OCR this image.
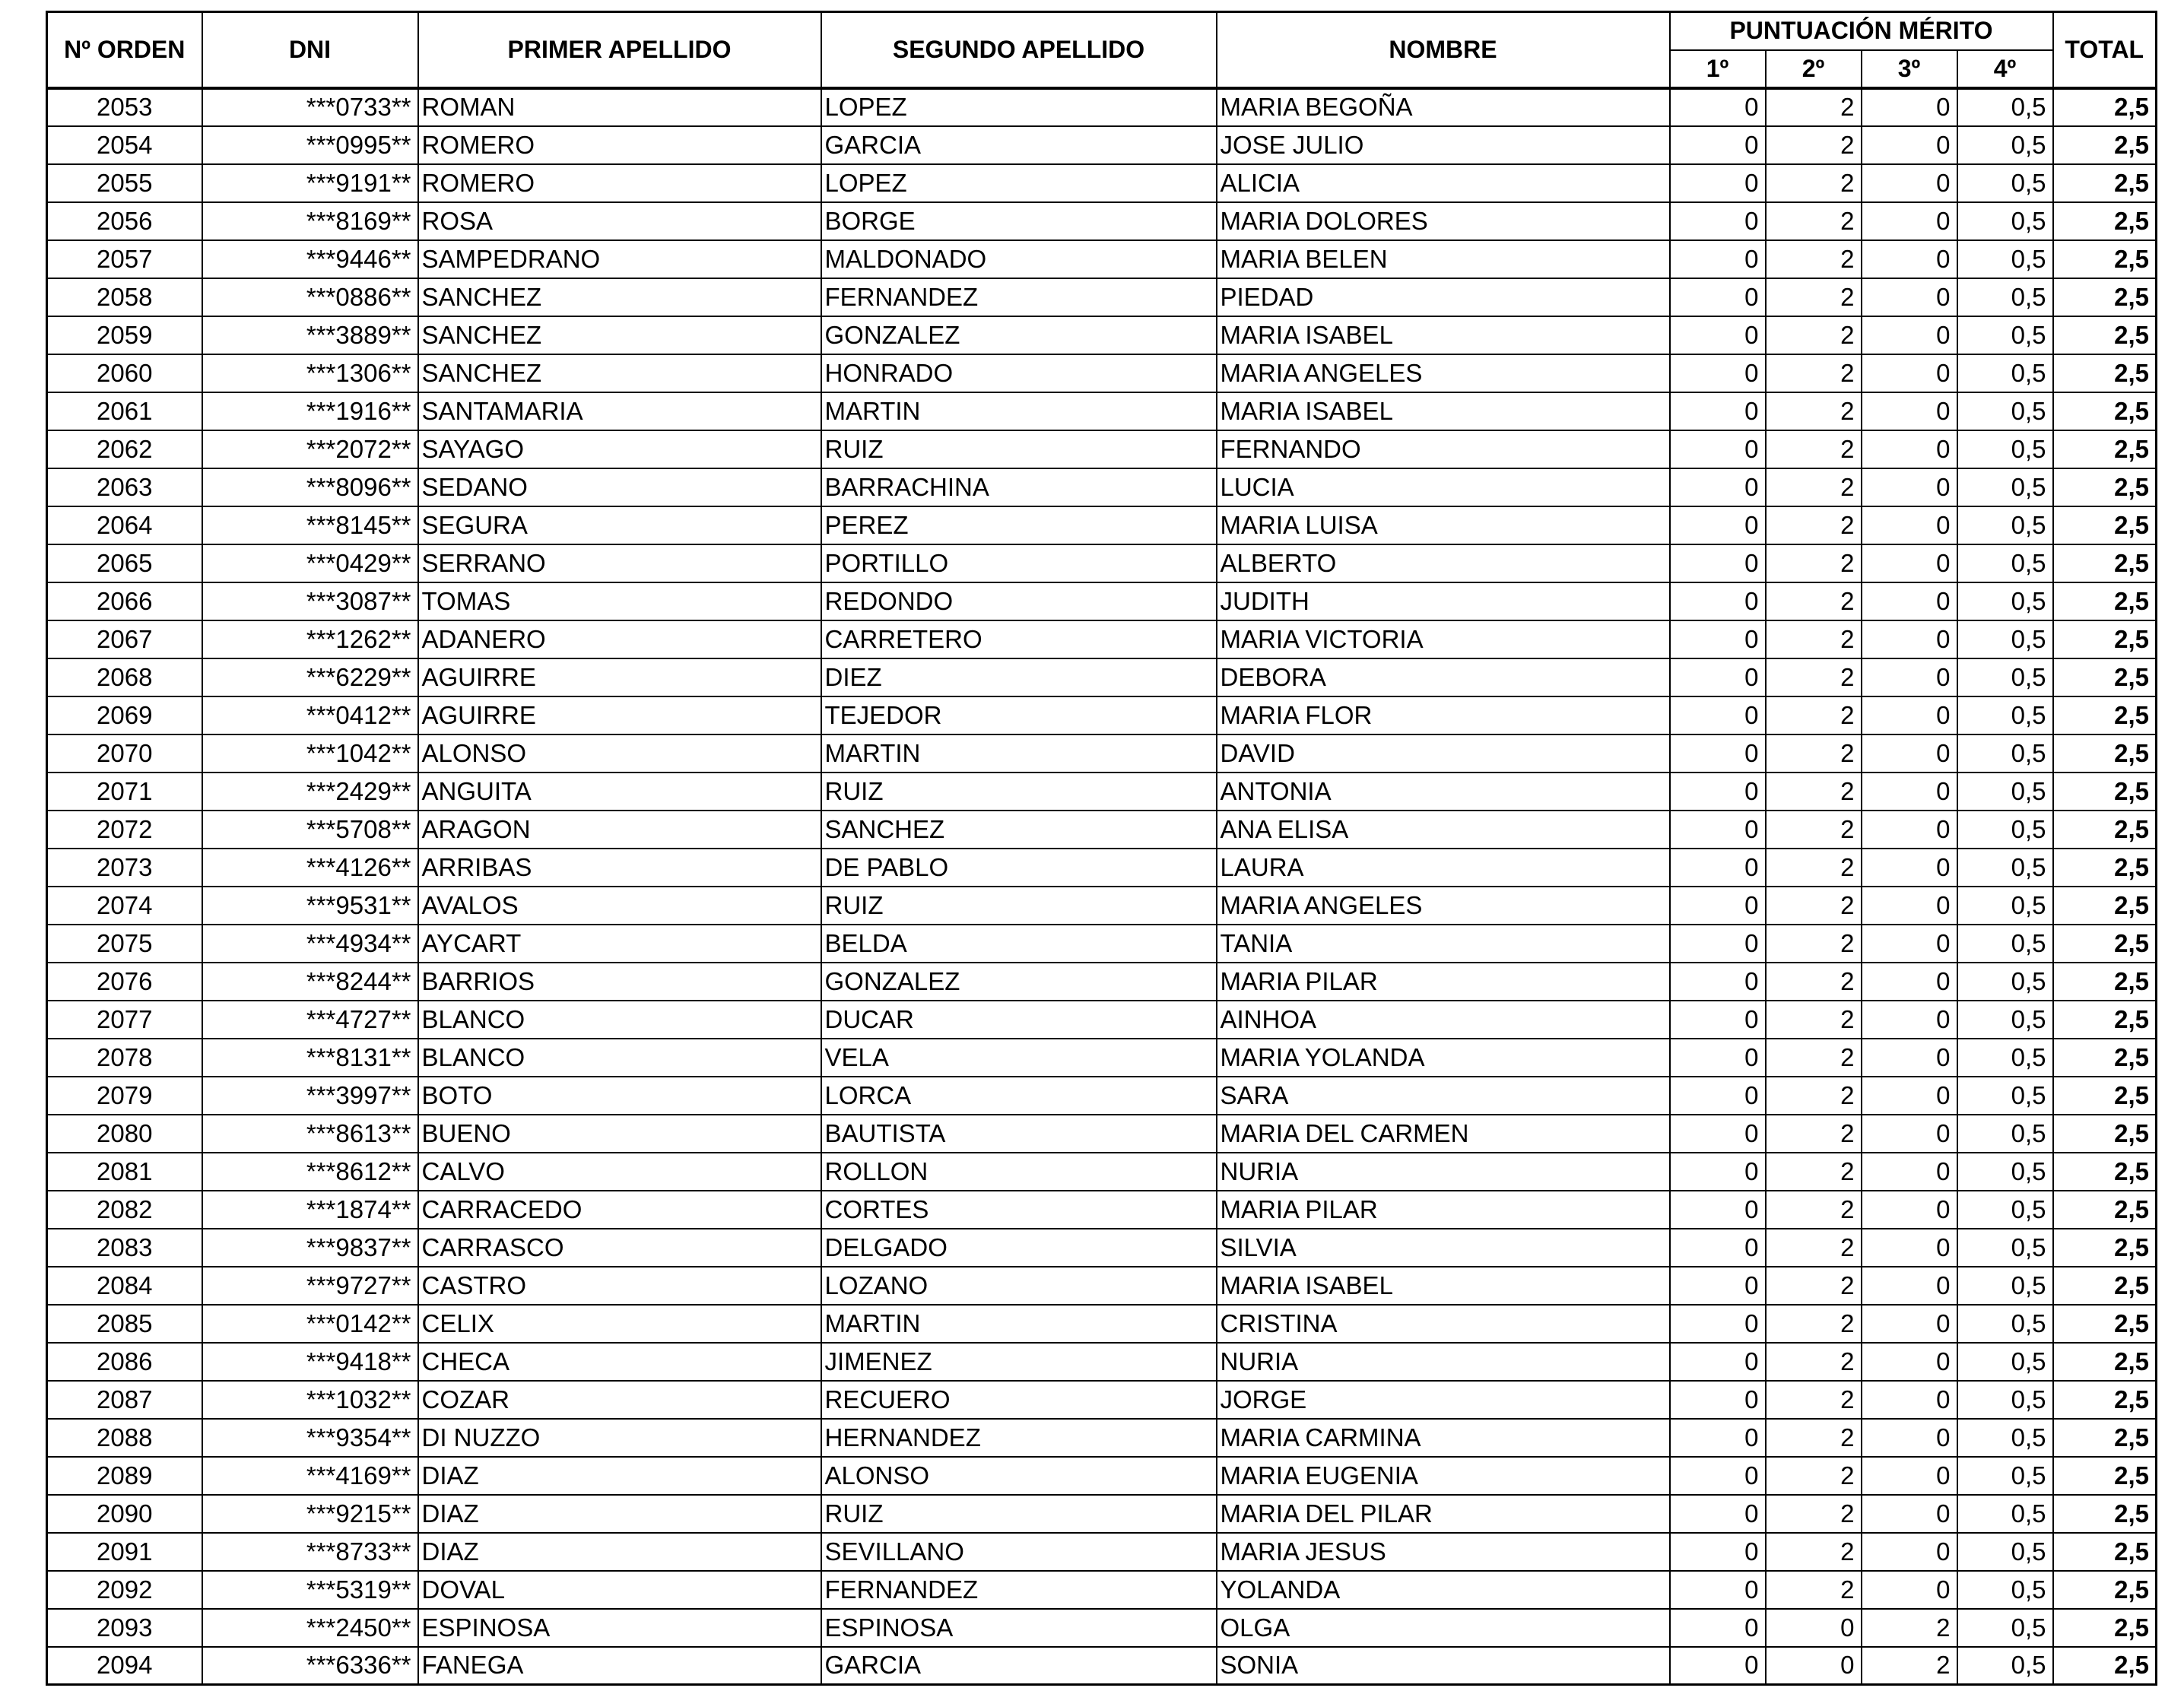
Nº ORDEN	DNI	PRIMER APELLIDO	SEGUNDO APELLIDO	NOMBRE	PUNTUACIÓN MÉRITO				TOTAL
					1º	2º	3º	4º	
2053	***0733**	ROMAN	LOPEZ	MARIA BEGOÑA	0	2	0	0,5	2,5
2054	***0995**	ROMERO	GARCIA	JOSE JULIO	0	2	0	0,5	2,5
2055	***9191**	ROMERO	LOPEZ	ALICIA	0	2	0	0,5	2,5
2056	***8169**	ROSA	BORGE	MARIA DOLORES	0	2	0	0,5	2,5
2057	***9446**	SAMPEDRANO	MALDONADO	MARIA BELEN	0	2	0	0,5	2,5
2058	***0886**	SANCHEZ	FERNANDEZ	PIEDAD	0	2	0	0,5	2,5
2059	***3889**	SANCHEZ	GONZALEZ	MARIA ISABEL	0	2	0	0,5	2,5
2060	***1306**	SANCHEZ	HONRADO	MARIA ANGELES	0	2	0	0,5	2,5
2061	***1916**	SANTAMARIA	MARTIN	MARIA ISABEL	0	2	0	0,5	2,5
2062	***2072**	SAYAGO	RUIZ	FERNANDO	0	2	0	0,5	2,5
2063	***8096**	SEDANO	BARRACHINA	LUCIA	0	2	0	0,5	2,5
2064	***8145**	SEGURA	PEREZ	MARIA LUISA	0	2	0	0,5	2,5
2065	***0429**	SERRANO	PORTILLO	ALBERTO	0	2	0	0,5	2,5
2066	***3087**	TOMAS	REDONDO	JUDITH	0	2	0	0,5	2,5
2067	***1262**	ADANERO	CARRETERO	MARIA VICTORIA	0	2	0	0,5	2,5
2068	***6229**	AGUIRRE	DIEZ	DEBORA	0	2	0	0,5	2,5
2069	***0412**	AGUIRRE	TEJEDOR	MARIA FLOR	0	2	0	0,5	2,5
2070	***1042**	ALONSO	MARTIN	DAVID	0	2	0	0,5	2,5
2071	***2429**	ANGUITA	RUIZ	ANTONIA	0	2	0	0,5	2,5
2072	***5708**	ARAGON	SANCHEZ	ANA ELISA	0	2	0	0,5	2,5
2073	***4126**	ARRIBAS	DE PABLO	LAURA	0	2	0	0,5	2,5
2074	***9531**	AVALOS	RUIZ	MARIA ANGELES	0	2	0	0,5	2,5
2075	***4934**	AYCART	BELDA	TANIA	0	2	0	0,5	2,5
2076	***8244**	BARRIOS	GONZALEZ	MARIA PILAR	0	2	0	0,5	2,5
2077	***4727**	BLANCO	DUCAR	AINHOA	0	2	0	0,5	2,5
2078	***8131**	BLANCO	VELA	MARIA YOLANDA	0	2	0	0,5	2,5
2079	***3997**	BOTO	LORCA	SARA	0	2	0	0,5	2,5
2080	***8613**	BUENO	BAUTISTA	MARIA DEL CARMEN	0	2	0	0,5	2,5
2081	***8612**	CALVO	ROLLON	NURIA	0	2	0	0,5	2,5
2082	***1874**	CARRACEDO	CORTES	MARIA PILAR	0	2	0	0,5	2,5
2083	***9837**	CARRASCO	DELGADO	SILVIA	0	2	0	0,5	2,5
2084	***9727**	CASTRO	LOZANO	MARIA ISABEL	0	2	0	0,5	2,5
2085	***0142**	CELIX	MARTIN	CRISTINA	0	2	0	0,5	2,5
2086	***9418**	CHECA	JIMENEZ	NURIA	0	2	0	0,5	2,5
2087	***1032**	COZAR	RECUERO	JORGE	0	2	0	0,5	2,5
2088	***9354**	DI NUZZO	HERNANDEZ	MARIA CARMINA	0	2	0	0,5	2,5
2089	***4169**	DIAZ	ALONSO	MARIA EUGENIA	0	2	0	0,5	2,5
2090	***9215**	DIAZ	RUIZ	MARIA DEL PILAR	0	2	0	0,5	2,5
2091	***8733**	DIAZ	SEVILLANO	MARIA JESUS	0	2	0	0,5	2,5
2092	***5319**	DOVAL	FERNANDEZ	YOLANDA	0	2	0	0,5	2,5
2093	***2450**	ESPINOSA	ESPINOSA	OLGA	0	0	2	0,5	2,5
2094	***6336**	FANEGA	GARCIA	SONIA	0	0	2	0,5	2,5
